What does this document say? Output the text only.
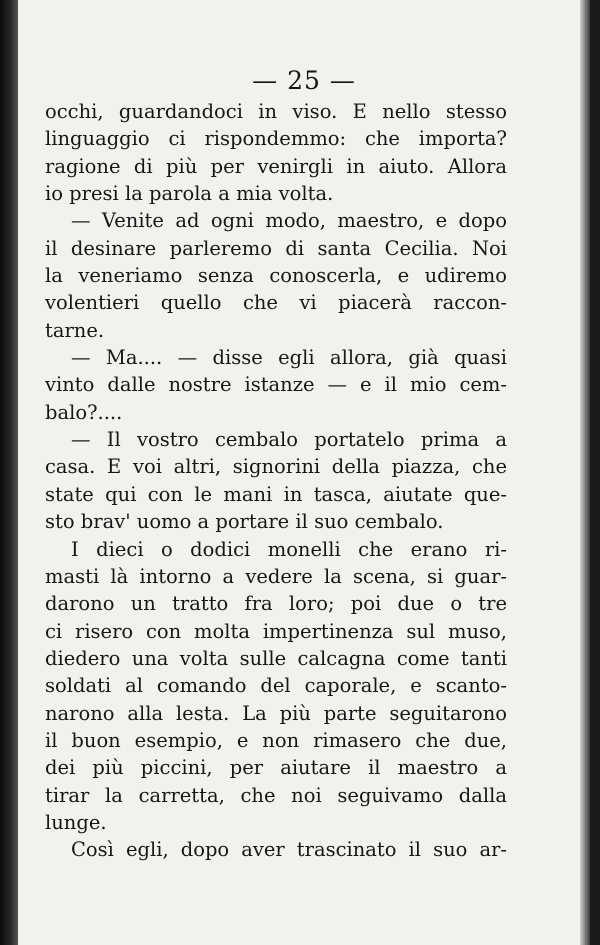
— 25 —
occhi, guardandoci in viso. E nello stesso
linguaggio ci rispondemmo: che importa?
ragione di più per venirgli in aiuto. Allora
io presi la parola a mia volta.
— Venite ad ogni modo, maestro, e dopo
il desinare parleremo di santa Cecilia. Noi
la veneriamo senza conoscerla, e udiremo
volentieri quello che vi piacerà raccon-
tarne.
— Ma.... — disse egli allora, già quasi
vinto dalle nostre istanze — e il mio cem-
balo?....
— Il vostro cembalo portatelo prima a
casa. E voi altri, signorini della piazza, che
state qui con le mani in tasca, aiutate que-
sto brav' uomo a portare il suo cembalo.
I dieci o dodici monelli che erano ri-
masti là intorno a vedere la scena, si guar-
darono un tratto fra loro; poi due o tre
ci risero con molta impertinenza sul muso,
diedero una volta sulle calcagna come tanti
soldati al comando del caporale, e scanto-
narono alla lesta. La più parte seguitarono
il buon esempio, e non rimasero che due,
dei più piccini, per aiutare il maestro a
tirar la carretta, che noi seguivamo dalla
lunge.
Così egli, dopo aver trascinato il suo ar-
